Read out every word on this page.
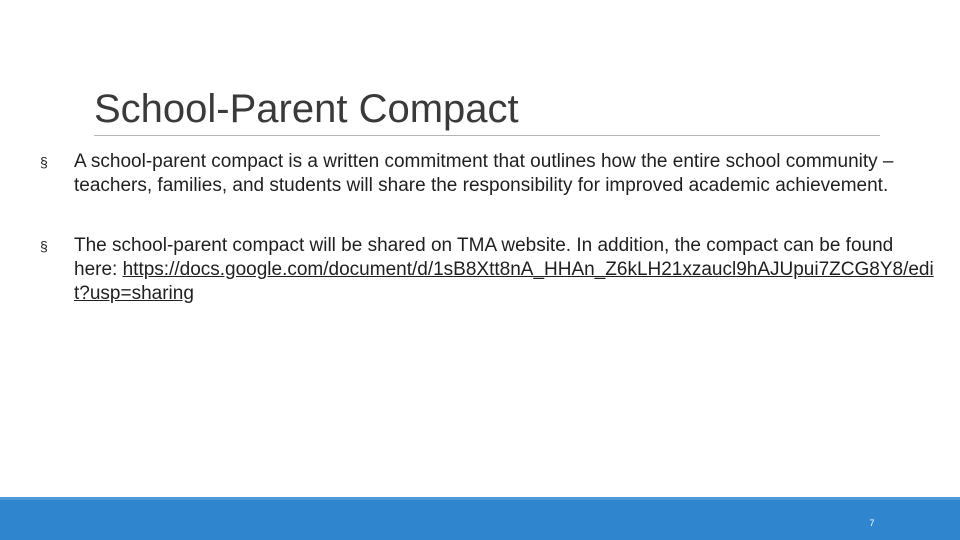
School-Parent Compact
§ A school-parent compact is a written commitment that outlines how the entire school community – teachers, families, and students will share the responsibility for improved academic achievement.
§ The school-parent compact will be shared on TMA website. In addition, the compact can be found here: https://docs.google.com/document/d/1sB8Xtt8nA_HHAn_Z6kLH21xzaucl9hAJUpui7ZCG8Y8/edit?usp=sharing
7
